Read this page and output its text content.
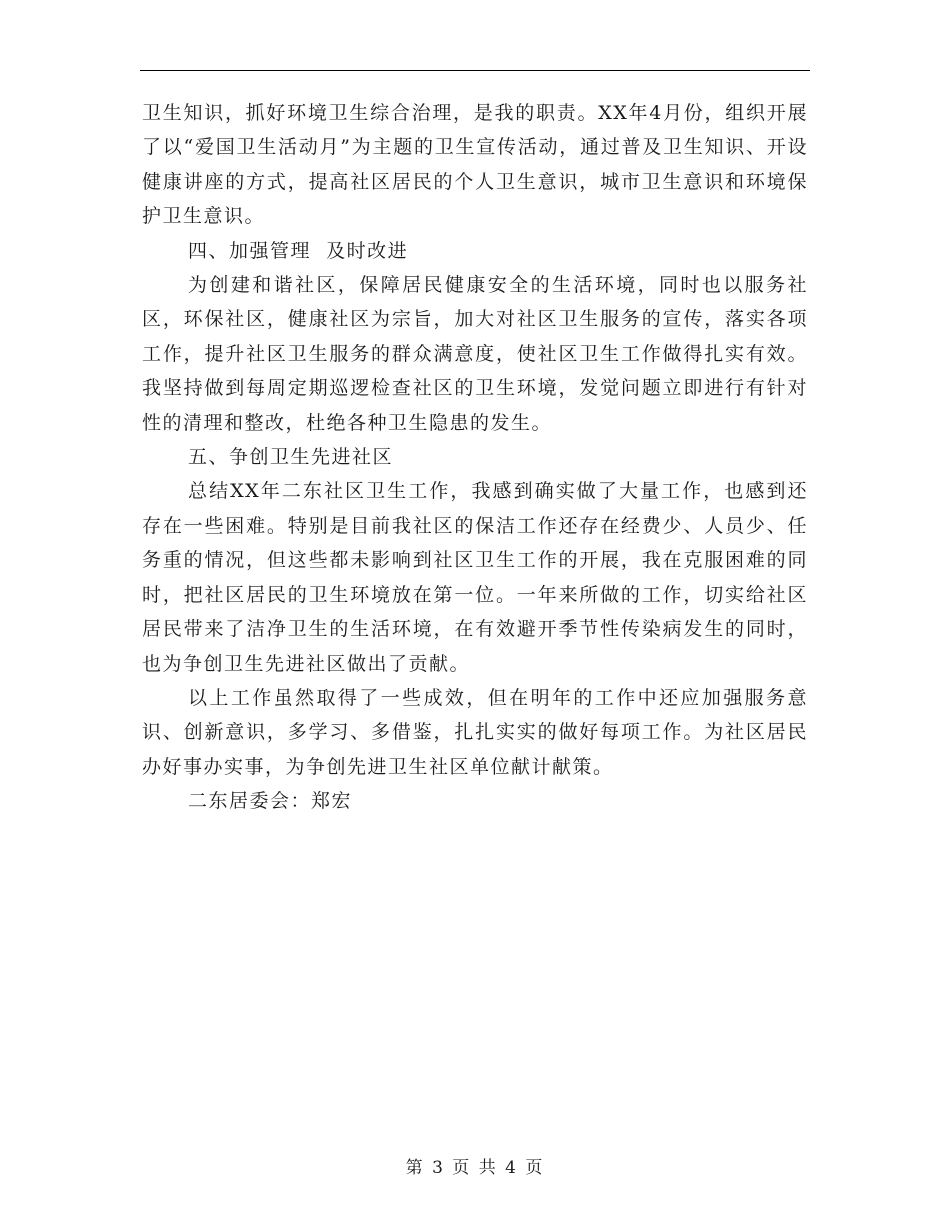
卫生知识，抓好环境卫生综合治理，是我的职责。XX年4月份，组织开展了以“爱国卫生活动月”为主题的卫生宣传活动，通过普及卫生知识、开设健康讲座的方式，提高社区居民的个人卫生意识，城市卫生意识和环境保护卫生意识。

四、加强管理  及时改进

为创建和谐社区，保障居民健康安全的生活环境，同时也以服务社区，环保社区，健康社区为宗旨，加大对社区卫生服务的宣传，落实各项工作，提升社区卫生服务的群众满意度，使社区卫生工作做得扎实有效。我坚持做到每周定期巡逻检查社区的卫生环境，发觉问题立即进行有针对性的清理和整改，杜绝各种卫生隐患的发生。

五、争创卫生先进社区

总结XX年二东社区卫生工作，我感到确实做了大量工作，也感到还存在一些困难。特别是目前我社区的保洁工作还存在经费少、人员少、任务重的情况，但这些都未影响到社区卫生工作的开展，我在克服困难的同时，把社区居民的卫生环境放在第一位。一年来所做的工作，切实给社区居民带来了洁净卫生的生活环境，在有效避开季节性传染病发生的同时，也为争创卫生先进社区做出了贡献。

以上工作虽然取得了一些成效，但在明年的工作中还应加强服务意识、创新意识，多学习、多借鉴，扎扎实实的做好每项工作。为社区居民办好事办实事，为争创先进卫生社区单位献计献策。

二东居委会：郑宏

第 3 页 共 4 页
